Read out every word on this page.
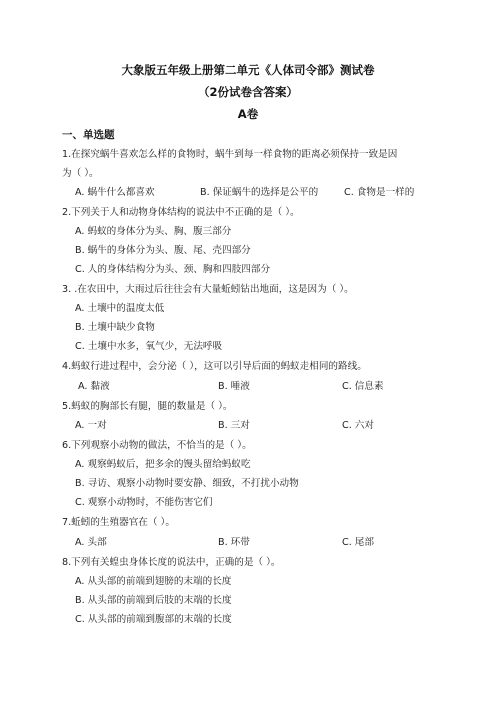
大象版五年级上册第二单元《人体司令部》测试卷
（2份试卷含答案）
A卷
一、单选题
1.在探究蜗牛喜欢怎么样的食物时，蜗牛到每一样食物的距离必须保持一致是因
为（ ）。
A. 蜗牛什么都喜欢	B. 保证蜗牛的选择是公平的	C. 食物是一样的
2.下列关于人和动物身体结构的说法中不正确的是（ ）。
A. 蚂蚁的身体分为头、胸、腹三部分
B. 蜗牛的身体分为头、腹、尾、壳四部分
C. 人的身体结构分为头、颈、胸和四肢四部分
3. .在农田中，大雨过后往往会有大量蚯蚓钻出地面，这是因为（ ）。
A. 土壤中的温度太低
B. 土壤中缺少食物
C. 土壤中水多，氧气少，无法呼吸
4.蚂蚁行进过程中，会分泌（ ），这可以引导后面的蚂蚁走相同的路线。
A. 黏液	B. 唾液	C. 信息素
5.蚂蚁的胸部长有腿，腿的数量是（ ）。
A. 一对	B. 三对	C. 六对
6.下列观察小动物的做法，不恰当的是（ ）。
A. 观察蚂蚁后，把多余的馒头留给蚂蚁吃
B. 寻访、观察小动物时要安静、细致，不打扰小动物
C. 观察小动物时，不能伤害它们
7.蚯蚓的生殖器官在（ ）。
A. 头部	B. 环带	C. 尾部
8.下列有关蝗虫身体长度的说法中，正确的是（ ）。
A. 从头部的前端到翅膀的末端的长度
B. 从头部的前端到后肢的末端的长度
C. 从头部的前端到腹部的末端的长度
